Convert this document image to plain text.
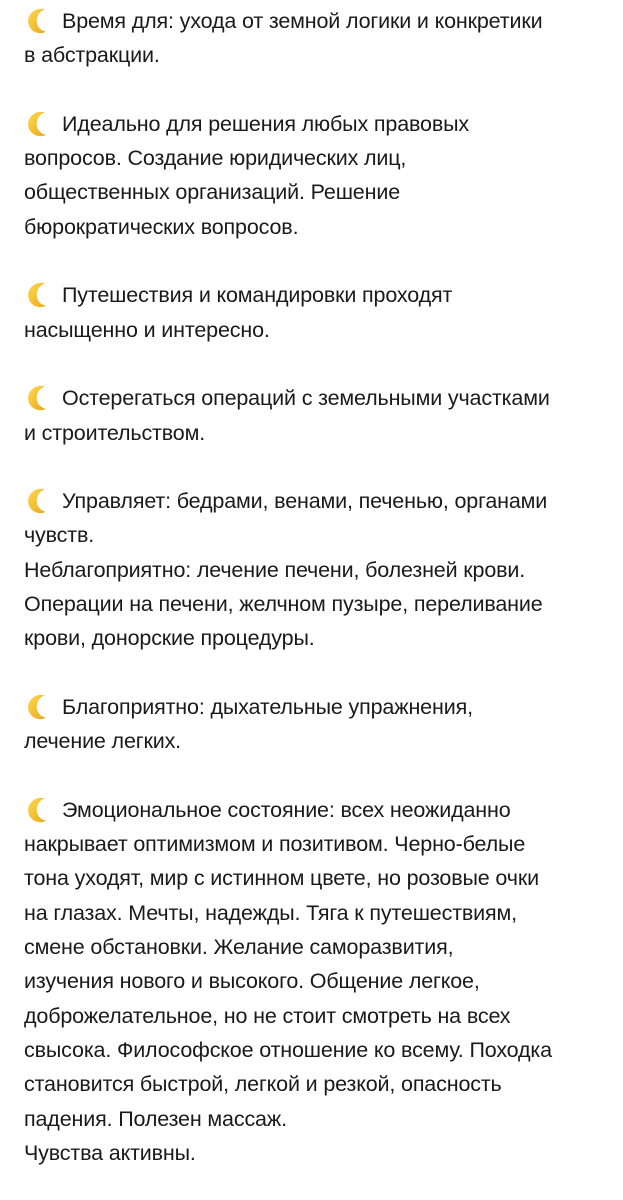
Время для: ухода от земной логики и конкретики
в абстракции.
Идеально для решения любых правовых
вопросов. Создание юридических лиц,
общественных организаций. Решение
бюрократических вопросов.
Путешествия и командировки проходят
насыщенно и интересно.
Остерегаться операций с земельными участками
и строительством.
Управляет: бедрами, венами, печенью, органами
чувств.
Неблагоприятно: лечение печени, болезней крови.
Операции на печени, желчном пузыре, переливание
крови, донорские процедуры.
Благоприятно: дыхательные упражнения,
лечение легких.
Эмоциональное состояние: всех неожиданно
накрывает оптимизмом и позитивом. Черно-белые
тона уходят, мир с истинном цвете, но розовые очки
на глазах. Мечты, надежды. Тяга к путешествиям,
смене обстановки. Желание саморазвития,
изучения нового и высокого. Общение легкое,
доброжелательное, но не стоит смотреть на всех
свысока. Философское отношение ко всему. Походка
становится быстрой, легкой и резкой, опасность
падения. Полезен массаж.
Чувства активны.
